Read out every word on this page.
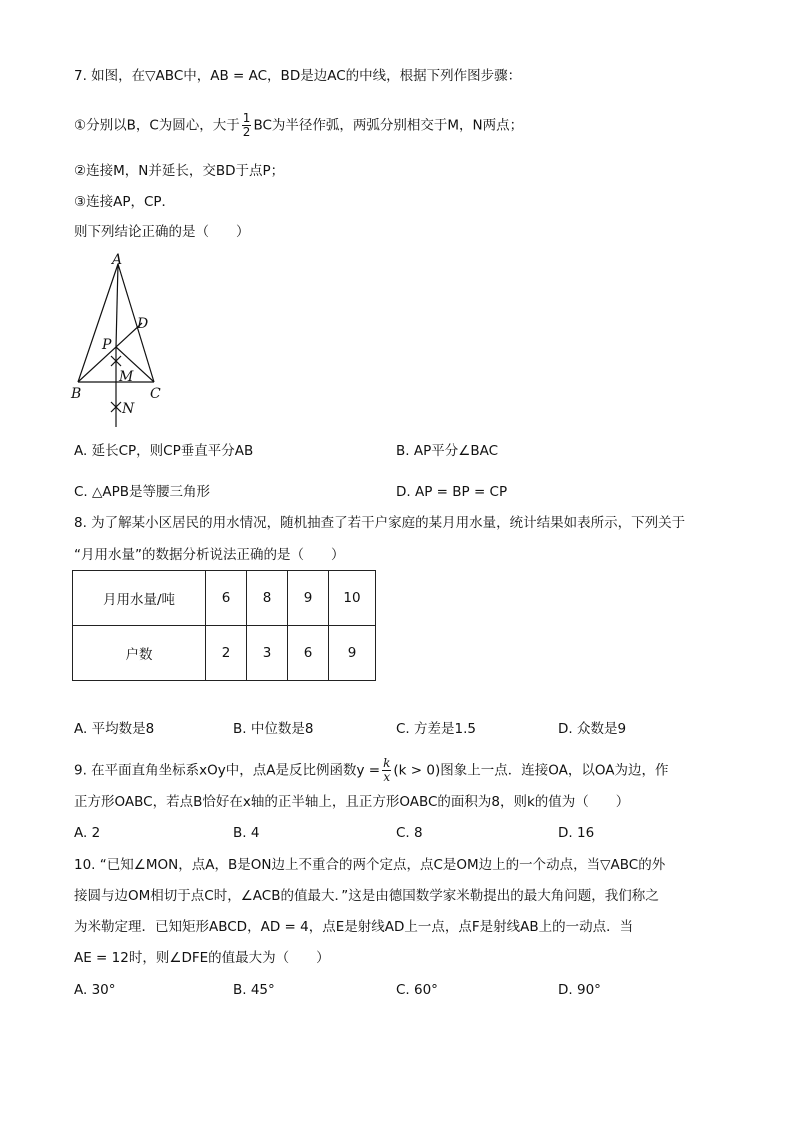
7. 如图，在▽ABC中，AB = AC，BD是边AC的中线，根据下列作图步骤：
①分别以B，C为圆心，大于 $\frac{1}{2}$ BC为半径作弧，两弧分别相交于M，N两点；
②连接M，N并延长，交BD于点P；
③连接AP，CP．
则下列结论正确的是（　　）
A
B	C
D
P
M
N
A. 延长CP，则CP垂直平分AB	B. AP平分∠BAC
C. △APB是等腰三角形	D. AP = BP = CP
8. 为了解某小区居民的用水情况，随机抽查了若干户家庭的某月用水量，统计结果如表所示，下列关于
“月用水量”的数据分析说法正确的是（　　）
月用水量/吨	6	8	9	10
户数	2	3	6	9
A. 平均数是8	B. 中位数是8	C. 方差是1.5	D. 众数是9
9. 在平面直角坐标系xOy中，点A是反比例函数$y = \frac{k}{x} (k > 0)$图象上一点．连接OA，以OA为边，作
正方形OABC，若点B恰好在x轴的正半轴上，且正方形OABC的面积为8，则k的值为（　　）
A. 2	B. 4	C. 8	D. 16
10. “已知∠MON，点A，B是ON边上不重合的两个定点，点C是OM边上的一个动点，当▽ABC的外
接圆与边OM相切于点C时，∠ACB的值最大．”这是由德国数学家米勒提出的最大角问题，我们称之
为米勒定理．已知矩形ABCD，AD = 4，点E是射线AD上一点，点F是射线AB上的一动点．当
AE = 12时，则∠DFE的值最大为（　　）
A. 30°	B. 45°	C. 60°	D. 90°
